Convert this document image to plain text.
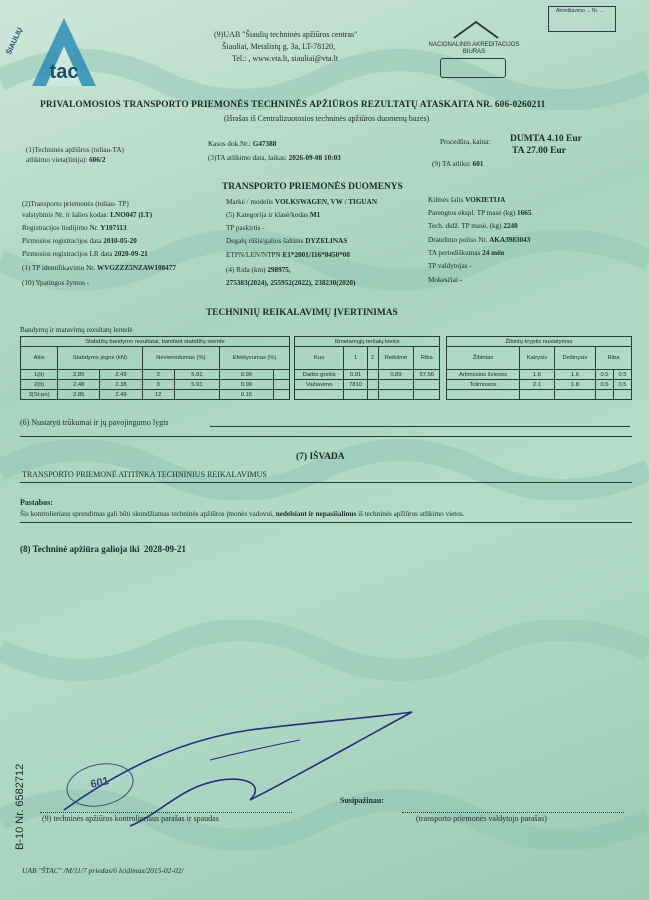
tac
ŠIAULIŲ	(9)UAB "Šiaulių techninės apžiūros centras"
Šiauliai, Metalistų g. 3a, LT-78120,
Tel.: , www.vta.lt, siauliai@vta.lt
NACIONALINIS AKREDITACIJOS BIURAS
Akreditavimo ... Nr. ...
PRIVALOMOSIOS TRANSPORTO PRIEMONĖS TECHNINĖS APŽIŪROS REZULTATŲ ATASKAITA NR. 606-0260211
(Išrašas iš Centralizuotosios techninės apžiūros duomenų bazės)
(1)Techninės apžiūros (toliau-TA)
atlikimo vieta(linija): 606/2
Kasos dok.Nr.: G47388
(3)TA atlikimo data, laikas: 2026-09-08 10:03
Procedūra, kaina: DUMTA 4.10 Eur
TA 27.00 Eur
(9) TA atliko: 601
TRANSPORTO PRIEMONĖS DUOMENYS
(2)Transporto priemonės (toliau- TP)
valstybinis Nr. ir šalies kodas: LNO047 (LT)
Registracijos liudijimo Nr. Y107113
Pirmosios registracijos data 2010-05-20
Pirmosios registracijos LR data 2020-09-21
(1) TP identifikavimo Nr. WVGZZZ5NZAW108477
(10) Ypatingos žymos -
Markė / modelis VOLKSWAGEN, VW / TIGUAN
(5) Kategorija ir klasė/kodas M1
TP paskirtis -
Degalų rūšis/galios šaltinis DYZELINAS
ETPN/LEN/NTPN E1*2001/116*0450*08
(4) Rida (km) 298975,
275383(2024), 255952(2022), 238230(2020)
Kilmės šalis VOKIETIJA
Parengtos ekspl. TP masė (kg) 1665
Tech. didž. TP masė, (kg) 2240
Draudimo poliso Nr. AKA3983043
TA periodiškumas 24 mėn
TP valdytojas -
Mokesčiai -
TECHNINIŲ REIKALAVIMŲ ĮVERTINIMAS
Bandymų ir matavimų rezultatų lentelė
Stabdžių bandymo rezultatai, bandant stabdžių stende						
Ašis	Stabdymo jėgos (kN)		Nevienodumas (%)		Efektyvumas (%)	
1(lt)	2.85	2.49	3	5.91	0.99	
2(lt)	2.48	2.38	3	5.91	0.99	
3(St-pn)	2.85	2.49	12		0.16	
Išmetamųjų teršalų kiekis				
Kuo	1	2	Reikšmė	Riba
Darbo greitis	0.91		0.89	57.56
Važiavimo	7810			

Žibintų kryptis nustatymas				
Žibintas	Kairysis	Dešinysis	Riba	
Artimosios šviesos	1.6	1.6	0.5	0.5
Tolimosios	2.1	1.8	0.5	0.5

(6) Nustatyti trūkumai ir jų pavojingumo lygis
(7) IŠVADA
TRANSPORTO PRIEMONĖ ATITINKA TECHNINIUS REIKALAVIMUS
Pastabos:
Šis kontrolieriaus sprendimas gali būti skundžiamas techninės apžiūros įmonės vadovui, nedelsiant ir nepasišalinus iš techninės apžiūros atlikimo vietos.
(8) Techninė apžiūra galioja iki 2028-09-21
601
Susipažinau:
(9) techninės apžiūros kontrolieriaus parašas ir spaudas	(transporto priemonės valdytojo parašas)
B-10 Nr. 6582712
UAB "ŠTAC" /M/11/7 priedas/6 leidimas/2015-02-02/
